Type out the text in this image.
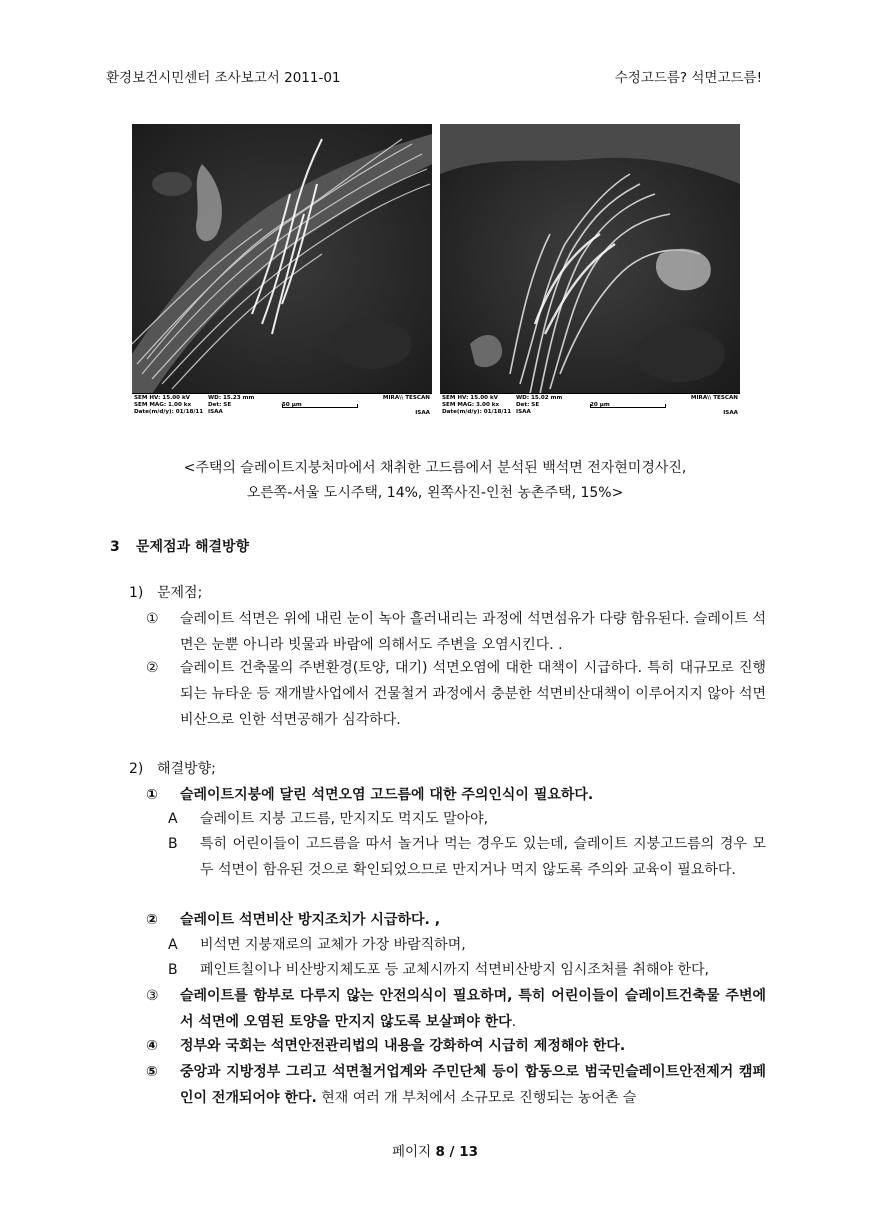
환경보건시민센터 조사보고서 2011-01	수정고드름? 석면고드름!
SEM HV: 15.00 kV
SEM MAG: 1.00 kx
Date(m/d/y): 01/18/11
WD: 15.23 mm
Det: SE
ISAA
50 µm
MIRA\\ TESCAN
ISAA
SEM HV: 15.00 kV
SEM MAG: 3.00 kx
Date(m/d/y): 01/18/11
WD: 15.02 mm
Det: SE
ISAA
20 µm
MIRA\\ TESCAN
ISAA
<주택의 슬레이트지붕처마에서 채취한 고드름에서 분석된 백석면 전자현미경사진,
오른쪽-서울 도시주택, 14%, 왼쪽사진-인천 농촌주택, 15%>
3 문제점과 해결방향
1) 문제점;
①	슬레이트 석면은 위에 내린 눈이 녹아 흘러내리는 과정에 석면섬유가 다량 함유된다. 슬레이트 석면은 눈뿐 아니라 빗물과 바람에 의해서도 주변을 오염시킨다. .
②	슬레이트 건축물의 주변환경(토양, 대기) 석면오염에 대한 대책이 시급하다. 특히 대규모로 진행되는 뉴타운 등 재개발사업에서 건물철거 과정에서 충분한 석면비산대책이 이루어지지 않아 석면비산으로 인한 석면공해가 심각하다.
2) 해결방향;
①	슬레이트지붕에 달린 석면오염 고드름에 대한 주의인식이 필요하다.
A 슬레이트 지붕 고드름, 만지지도 먹지도 말아야,
B 특히 어린이들이 고드름을 따서 놀거나 먹는 경우도 있는데, 슬레이트 지붕고드름의 경우 모두 석면이 함유된 것으로 확인되었으므로 만지거나 먹지 않도록 주의와 교육이 필요하다.
②	슬레이트 석면비산 방지조치가 시급하다. ,
A 비석면 지붕재로의 교체가 가장 바람직하며,
B 페인트칠이나 비산방지체도포 등 교체시까지 석면비산방지 임시조처를 취해야 한다,
③	슬레이트를 함부로 다루지 않는 안전의식이 필요하며, 특히 어린이들이 슬레이트건축물 주변에서 석면에 오염된 토양을 만지지 않도록 보살펴야 한다.
④	정부와 국회는 석면안전관리법의 내용을 강화하여 시급히 제정해야 한다.
⑤	중앙과 지방정부 그리고 석면철거업계와 주민단체 등이 합동으로 범국민슬레이트안전제거 캠페인이 전개되어야 한다. 현재 여러 개 부처에서 소규모로 진행되는 농어촌 슬
페이지 8 / 13
